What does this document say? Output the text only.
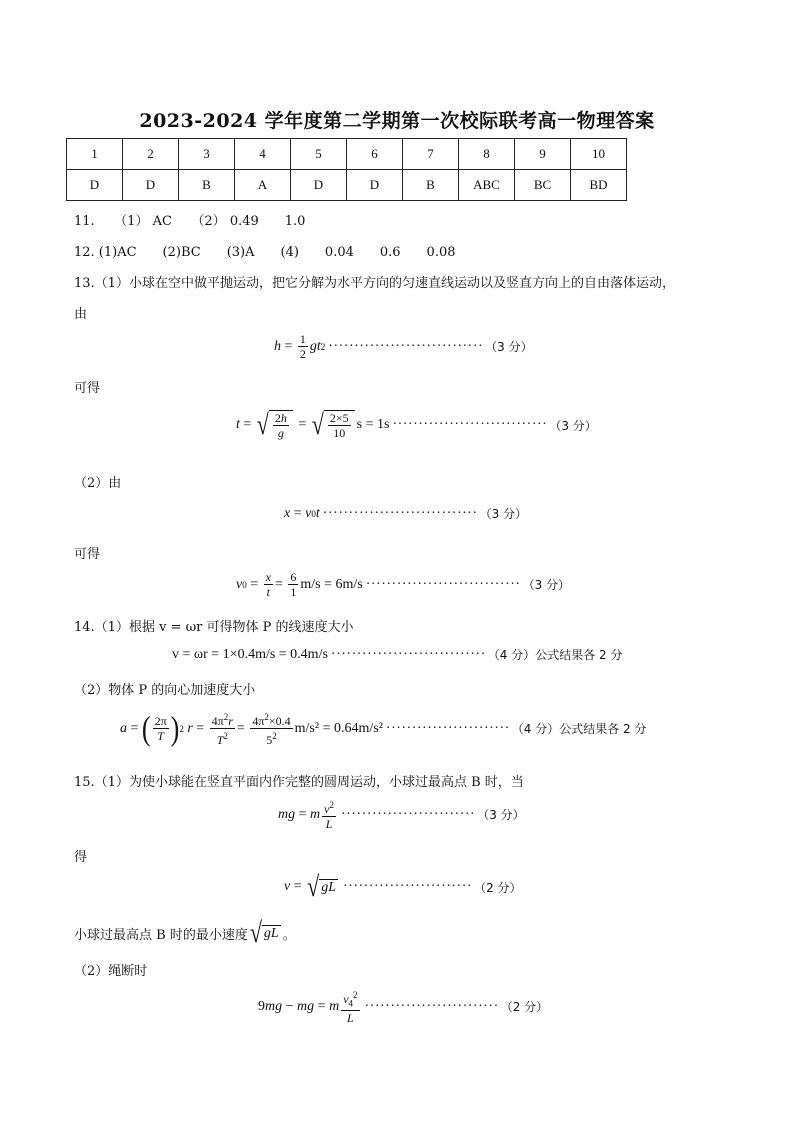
2023-2024 学年度第二学期第一次校际联考高一物理答案
1	2	3	4	5	6	7	8	9	10
D	D	B	A	D	D	B	ABC	BC	BD
11.　　（1） AC　　（2） 0.49　　1.0
12. (1)AC　　(2)BC　　(3)A　　(4)　　0.04　　0.6　　0.08
13.（1）小球在空中做平抛运动，把它分解为水平方向的匀速直线运动以及竖直方向上的自由落体运动，
由
$h = \frac{1}{2}$ gt 2 ······························ （3 分）
可得
t = √ $\frac{2h}{g}$ = √ $\frac{2\times 5}{10}$ s = 1s ······························ （3 分）
（2）由
x = v 0 t ······························ （3 分）
可得
v $0 = \frac{x}{t} = \frac{6}{1} m/s = 6m/s$ ······························ （3 分）
14.（1）根据 v = ωr 可得物体 P 的线速度大小
v = ωr = 1×0.4m/s = 0.4m/s ······························ （4 分）公式结果各 2 分
（2）物体 P 的向心加速度大小
a = ( $\frac{2\pi}{T}$ ) 2
$r = \frac{4\pi^2r}{T^2} = \frac{4\pi^2\times 0.4}{5^2} m/s^2 = 0.64m/s^2$ ························ （4 分）公式结果各 2 分
15.（1）为使小球能在竖直平面内作完整的圆周运动，小球过最高点 B 时，当
mg = m $\frac{v^2}{L}$ ·························· （3 分）
得
v = √ gL ························· （2 分）
小球过最高点 B 时的最小速度 √ gL 。
（2）绳断时
9 mg − mg = m $\frac{v_4^2}{L}$ ·························· （2 分）
